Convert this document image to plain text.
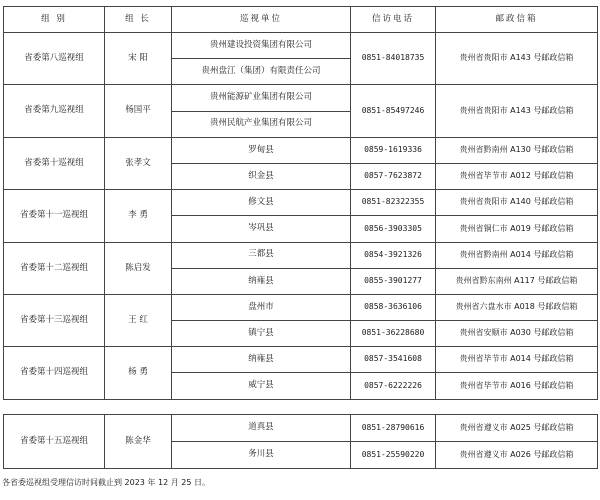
组 别	组 长	巡视单位	信访电话	邮政信箱
省委第八巡视组	宋 阳	贵州建设投资集团有限公司	0851-84018735	贵州省贵阳市 A143 号邮政信箱
		贵州盘江（集团）有限责任公司		
省委第九巡视组	杨国平	贵州能源矿业集团有限公司	0851-85497246	贵州省贵阳市 A143 号邮政信箱
		贵州民航产业集团有限公司		
省委第十巡视组	张孝文	罗甸县	0859-1619336	贵州省黔南州 A130 号邮政信箱
		织金县	0857-7623872	贵州省毕节市 A012 号邮政信箱
省委第十一巡视组	李 勇	修文县	0851-82322355	贵州省贵阳市 A140 号邮政信箱
		岑巩县	0856-3903305	贵州省铜仁市 A019 号邮政信箱
省委第十二巡视组	陈启发	三都县	0854-3921326	贵州省黔南州 A014 号邮政信箱
		纳雍县	0855-3901277	贵州省黔东南州 A117 号邮政信箱
省委第十三巡视组	王 红	盘州市	0858-3636106	贵州省六盘水市 A018 号邮政信箱
		镇宁县	0851-36228680	贵州省安顺市 A030 号邮政信箱
省委第十四巡视组	杨 勇	纳雍县	0857-3541608	贵州省毕节市 A014 号邮政信箱
		威宁县	0857-6222226	贵州省毕节市 A016 号邮政信箱
省委第十五巡视组	陈金华	道真县	0851-28790616	贵州省遵义市 A025 号邮政信箱
		务川县	0851-25590220	贵州省遵义市 A026 号邮政信箱
各省委巡视组受理信访时间截止到 2023 年 12 月 25 日。
